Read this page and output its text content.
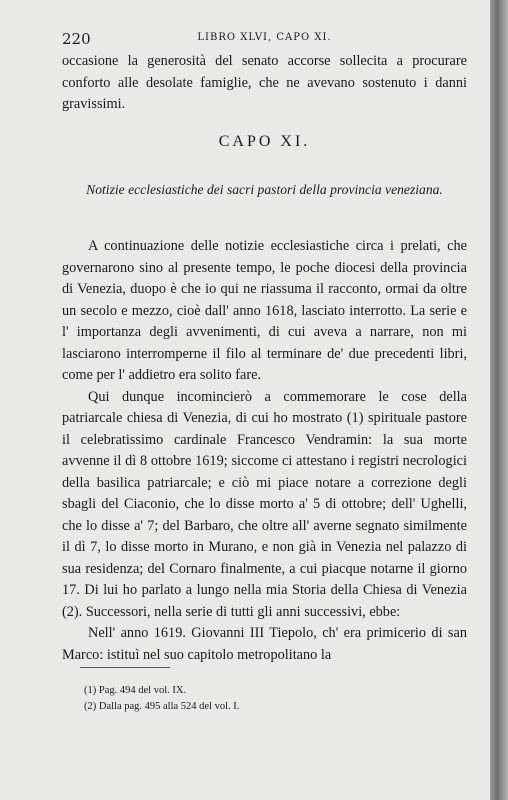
220	LIBRO XLVI, CAPO XI.

occasione la generosità del senato accorse sollecita a procurare conforto alle desolate famiglie, che ne avevano sostenuto i danni gravissimi.

CAPO XI.
Notizie ecclesiastiche dei sacri pastori della provincia veneziana.

A continuazione delle notizie ecclesiastiche circa i prelati, che governarono sino al presente tempo, le poche diocesi della provincia di Venezia, duopo è che io qui ne riassuma il racconto, ormai da oltre un secolo e mezzo, cioè dall' anno 1618, lasciato interrotto. La serie e l' importanza degli avvenimenti, di cui aveva a narrare, non mi lasciarono interromperne il filo al terminare de' due precedenti libri, come per l' addietro era solito fare.

Qui dunque incomincierò a commemorare le cose della patriarcale chiesa di Venezia, di cui ho mostrato (1) spirituale pastore il celebratissimo cardinale Francesco Vendramin: la sua morte avvenne il dì 8 ottobre 1619; siccome ci attestano i registri necrologici della basilica patriarcale; e ciò mi piace notare a correzione degli sbagli del Ciaconio, che lo disse morto a' 5 di ottobre; dell' Ughelli, che lo disse a' 7; del Barbaro, che oltre all' averne segnato similmente il dì 7, lo disse morto in Murano, e non già in Venezia nel palazzo di sua residenza; del Cornaro finalmente, a cui piacque notarne il giorno 17. Di lui ho parlato a lungo nella mia Storia della Chiesa di Venezia (2). Successori, nella serie di tutti gli anni successivi, ebbe:

Nell' anno 1619. Giovanni III Tiepolo, ch' era primicerio di san Marco: istituì nel suo capitolo metropolitano la

(1) Pag. 494 del vol. IX.

(2) Dalla pag. 495 alla 524 del vol. I.
